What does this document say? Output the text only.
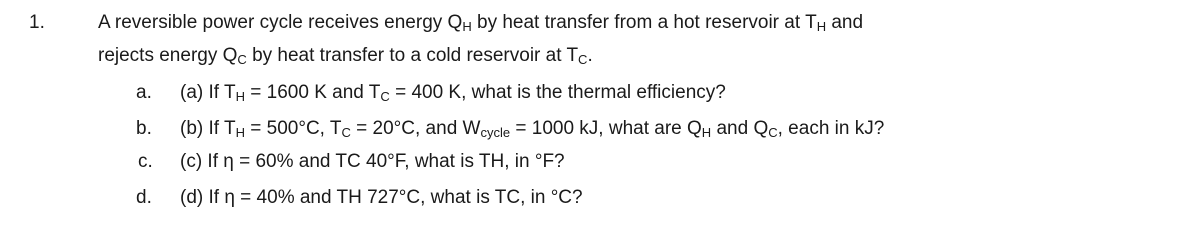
1.	A reversible power cycle receives energy $Q_H$ by heat transfer from a hot reservoir at $T_H$ and
rejects energy $Q_C$ by heat transfer to a cold reservoir at $T_C$.
a. (a) If $T_H = 1600$ K and $T_C = 400$ K, what is the thermal efficiency?
b. (b) If $T_H = 500^\circ C$, $T_C = 20^\circ C$, and $W_{cycle} = 1000$ kJ, what are $Q_H$ and $Q_C$, each in kJ?
c. (c) If η = 60% and TC 40°F, what is TH, in °F?
d. (d) If η = 40% and TH 727°C, what is TC, in °C?
